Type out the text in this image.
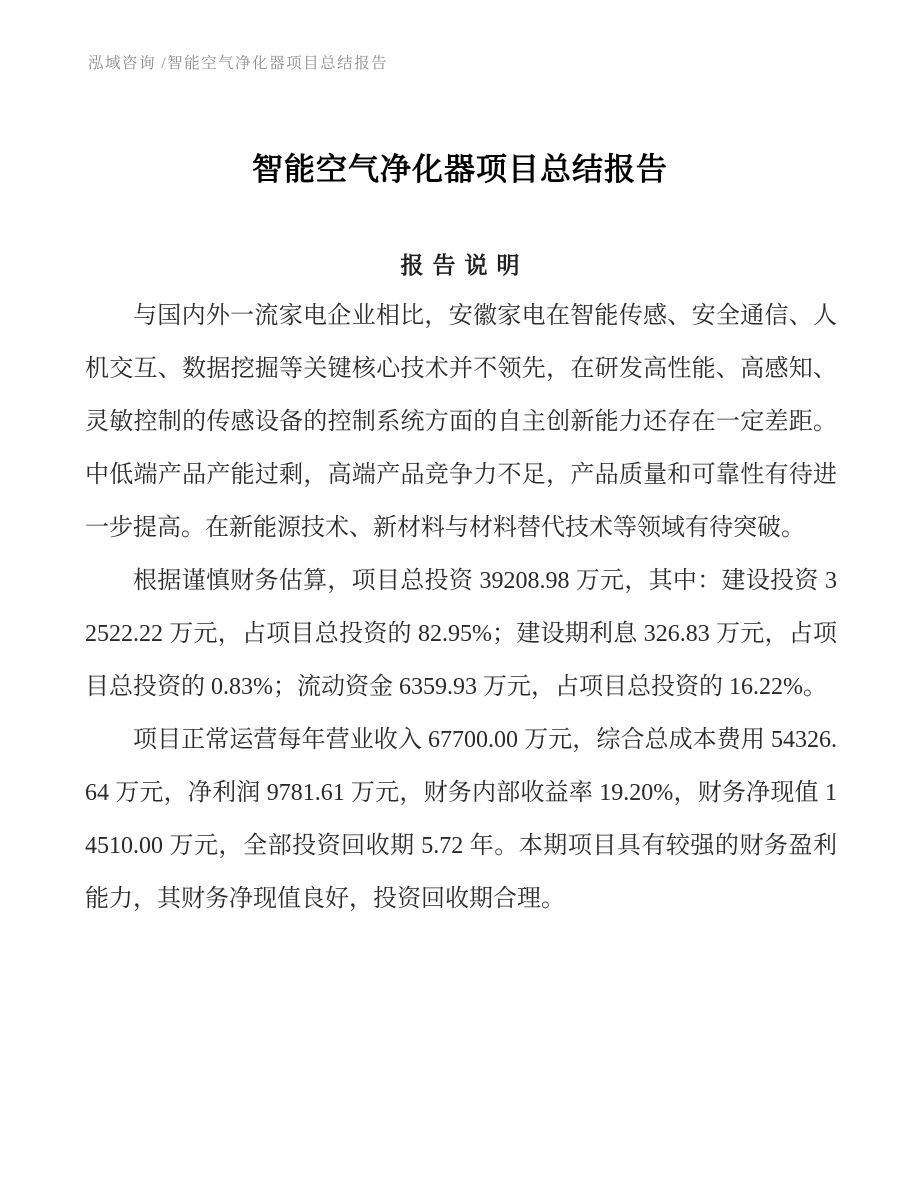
泓域咨询 /智能空气净化器项目总结报告
智能空气净化器项目总结报告
报告说明

与国内外一流家电企业相比，安徽家电在智能传感、安全通信、人机交互、数据挖掘等关键核心技术并不领先，在研发高性能、高感知、灵敏控制的传感设备的控制系统方面的自主创新能力还存在一定差距。中低端产品产能过剩，高端产品竞争力不足，产品质量和可靠性有待进一步提高。在新能源技术、新材料与材料替代技术等领域有待突破。

根据谨慎财务估算，项目总投资 39208.98 万元，其中：建设投资 32522.22 万元，占项目总投资的 82.95%；建设期利息 326.83 万元，占项目总投资的 0.83%；流动资金 6359.93 万元，占项目总投资的 16.22%。

项目正常运营每年营业收入 67700.00 万元，综合总成本费用 54326.64 万元，净利润 9781.61 万元，财务内部收益率 19.20%，财务净现值 14510.00 万元，全部投资回收期 5.72 年。本期项目具有较强的财务盈利能力，其财务净现值良好，投资回收期合理。
